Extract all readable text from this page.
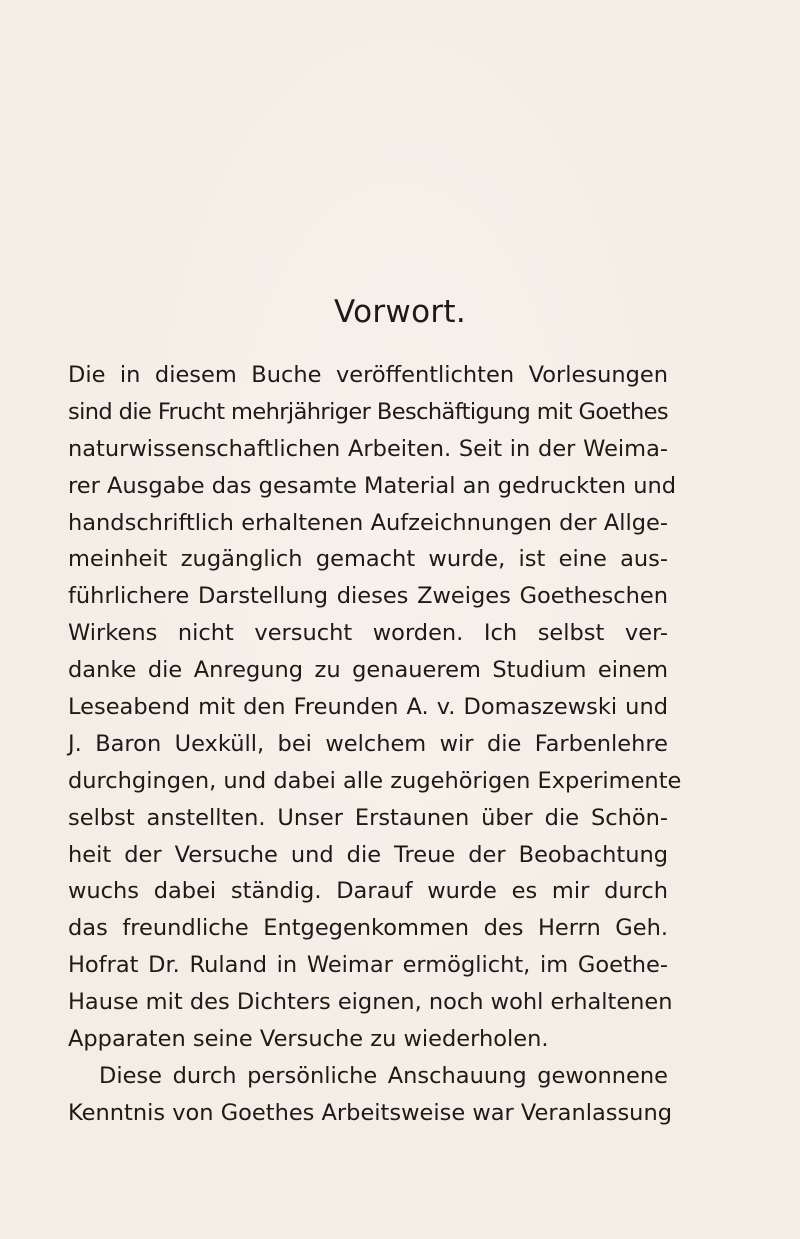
Vorwort.
Die in diesem Buche veröffentlichten Vorlesungen
sind die Frucht mehrjähriger Beschäftigung mit Goethes
naturwissenschaftlichen Arbeiten. Seit in der Weima-
rer Ausgabe das gesamte Material an gedruckten und
handschriftlich erhaltenen Aufzeichnungen der Allge-
meinheit zugänglich gemacht wurde, ist eine aus-
führlichere Darstellung dieses Zweiges Goetheschen
Wirkens nicht versucht worden. Ich selbst ver-
danke die Anregung zu genauerem Studium einem
Leseabend mit den Freunden A. v. Domaszewski und
J. Baron Uexküll, bei welchem wir die Farbenlehre
durchgingen, und dabei alle zugehörigen Experimente
selbst anstellten. Unser Erstaunen über die Schön-
heit der Versuche und die Treue der Beobachtung
wuchs dabei ständig. Darauf wurde es mir durch
das freundliche Entgegenkommen des Herrn Geh.
Hofrat Dr. Ruland in Weimar ermöglicht, im Goethe-
Hause mit des Dichters eignen, noch wohl erhaltenen
Apparaten seine Versuche zu wiederholen.
Diese durch persönliche Anschauung gewonnene
Kenntnis von Goethes Arbeitsweise war Veranlassung
